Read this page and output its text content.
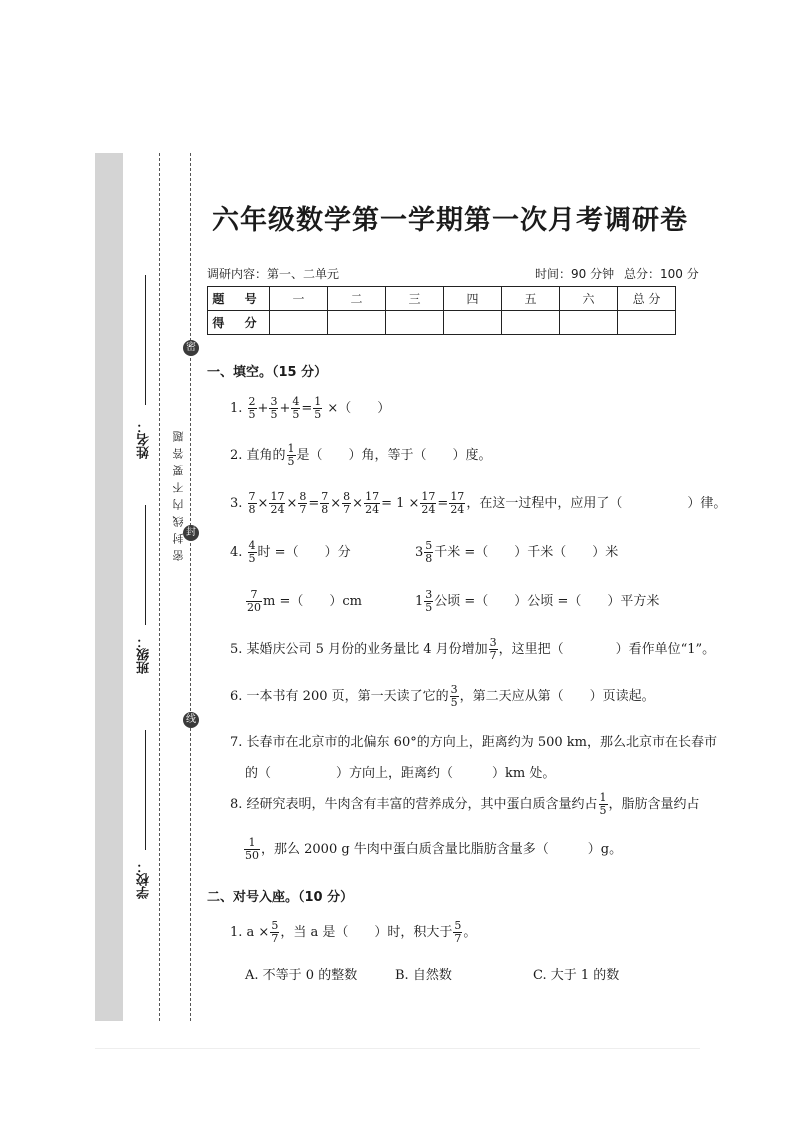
密
封
线
姓名：
班级：
学校：
密封线内不要答题
六年级数学第一学期第一次月考调研卷
调研内容：第一、二单元	时间：90 分钟 总分：100 分
题 号	一	二	三	四	五	六	总 分
得 分							
一、填空。（15 分）
1. $\frac{2}{5} + \frac{3}{5} + \frac{4}{5} = \frac{1}{5}$ ×（　　）
2. 直角的 $\frac{1}{5}$ 是（　　）角，等于（　　）度。
3. $\frac{7}{8} \times \frac{17}{24} \times \frac{8}{7} = \frac{7}{8} \times \frac{8}{7} \times \frac{17}{24} = 1 \times \frac{17}{24} = \frac{17}{24}$ ，在这一过程中，应用了（　　　　　）律。
4. $\frac{4}{5}$ 时 =（　　）分	$3 \frac{5}{8}$ 千米 =（　　）千米（　　）米
$\frac{7}{20}$ m =（　　）cm	$1 \frac{3}{5}$ 公顷 =（　　）公顷 =（　　）平方米
5. 某婚庆公司 5 月份的业务量比 4 月份增加 $\frac{3}{7}$ ，这里把（　　　　）看作单位“1”。
6. 一本书有 200 页，第一天读了它的 $\frac{3}{5}$ ，第二天应从第（　　）页读起。
7. 长春市在北京市的北偏东 60°的方向上，距离约为 500 km，那么北京市在长春市
的（　　　　　）方向上，距离约（　　　）km 处。
8. 经研究表明，牛肉含有丰富的营养成分，其中蛋白质含量约占 $\frac{1}{5}$ ，脂肪含量约占
$\frac{1}{50}$ ，那么 2000 g 牛肉中蛋白质含量比脂肪含量多（　　　）g。
二、对号入座。（10 分）
1. $a \times \frac{5}{7}$ ，当 a 是（　　）时，积大于 $\frac{5}{7}$ 。
A. 不等于 0 的整数	B. 自然数	C. 大于 1 的数
